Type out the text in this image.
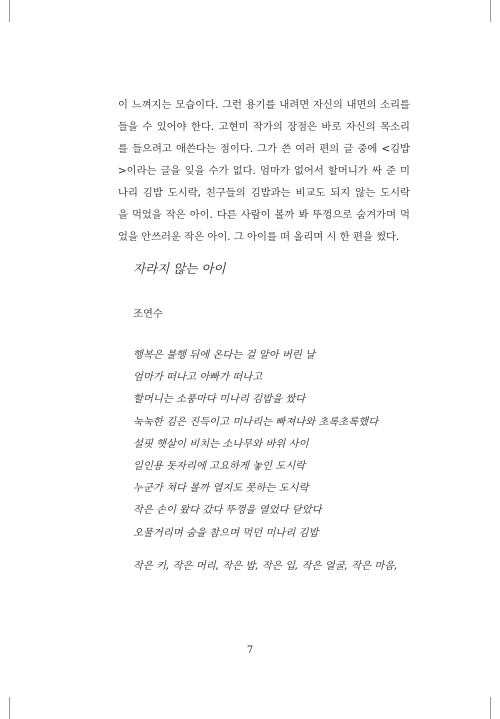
이 느껴지는 모습이다. 그런 용기를 내려면 자신의 내면의 소리를
들을 수 있어야 한다. 고현미 작가의 장점은 바로 자신의 목소리
를 들으려고 애쓴다는 점이다. 그가 쓴 여러 편의 글 중에 <김밥
>이라는 글을 잊을 수가 없다. 엄마가 없어서 할머니가 싸 준 미
나리 김밥 도시락, 친구들의 김밥과는 비교도 되지 않는 도시락
을 먹었을 작은 아이. 다른 사람이 볼까 봐 뚜껑으로 숨겨가며 먹
었을 안쓰러운 작은 아이. 그 아이를 떠 올리며 시 한 편을 썼다.
자라지 않는 아이

조연수

행복은 불행 뒤에 온다는 걸 알아 버린 날
엄마가 떠나고 아빠가 떠나고
할머니는 소풍마다 미나리 김밥을 쌌다
눅눅한 김은 진득이고 미나리는 빠져나와 초록초록했다
설핏 햇살이 비치는 소나무와 바위 사이
일인용 돗자리에 고요하게 놓인 도시락
누군가 쳐다 볼까 열지도 못하는 도시락
작은 손이 왔다 갔다 뚜껑을 열었다 닫았다
오물거리며 숨을 참으며 먹던 미나리 김밥

작은 키, 작은 머리, 작은 밥, 작은 입, 작은 얼굴, 작은 마음,

7
